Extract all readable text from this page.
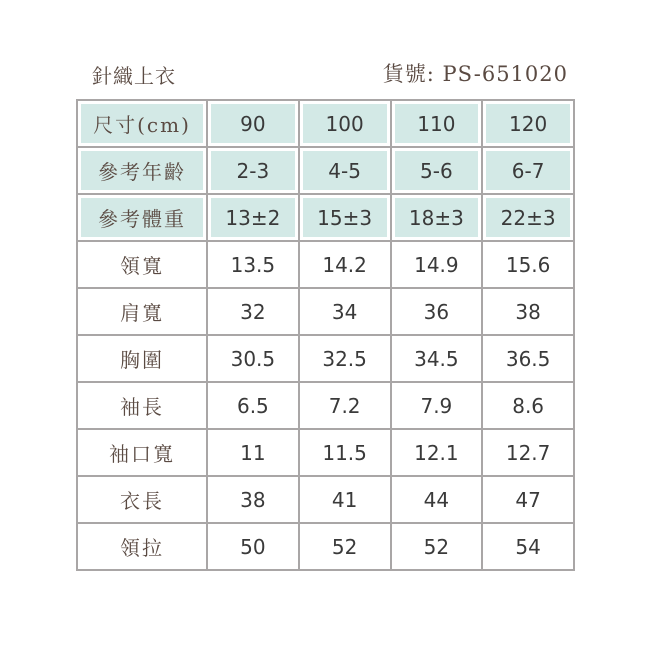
針織上衣	貨號: PS-651020
尺寸(cm)	90	100	110	120
參考年齡	2-3	4-5	5-6	6-7
參考體重	13±2	15±3	18±3	22±3
領寬	13.5	14.2	14.9	15.6
肩寬	32	34	36	38
胸圍	30.5	32.5	34.5	36.5
袖長	6.5	7.2	7.9	8.6
袖口寬	11	11.5	12.1	12.7
衣長	38	41	44	47
領拉	50	52	52	54
